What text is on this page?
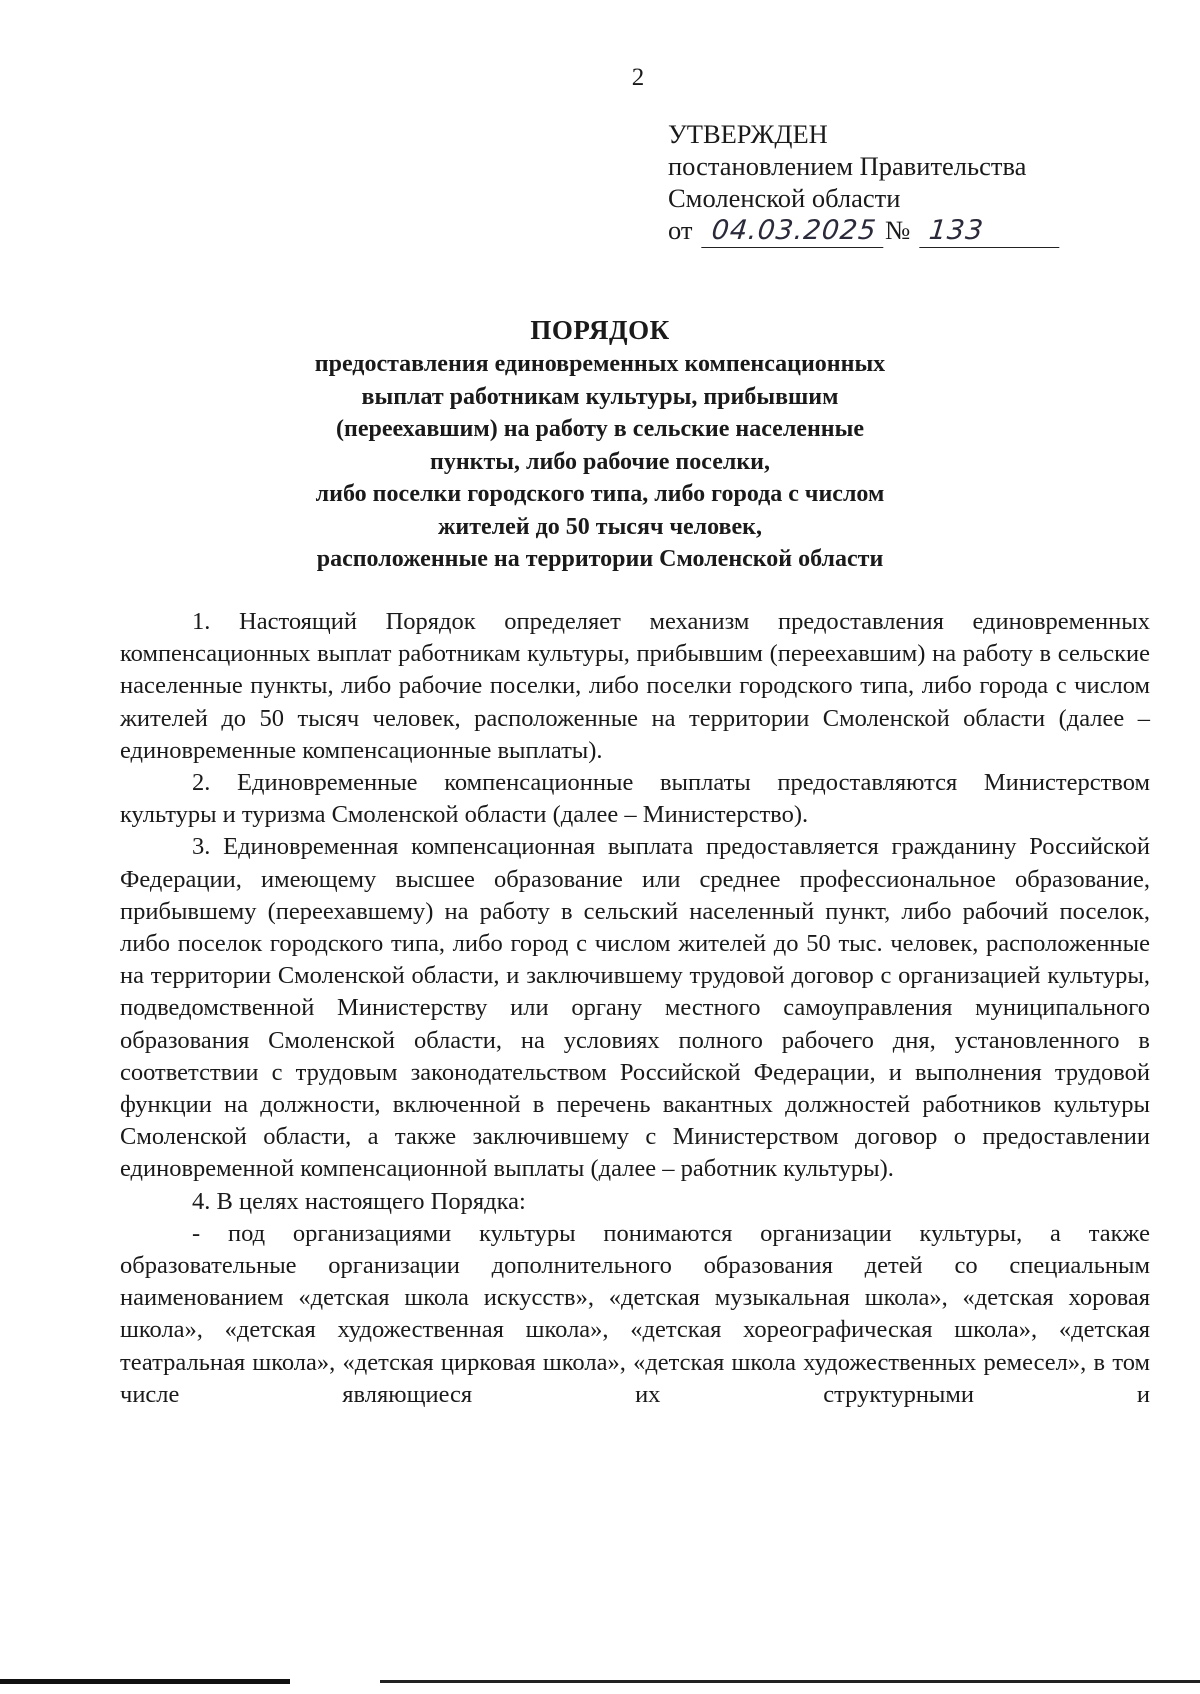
2
УТВЕРЖДЕН
постановлением Правительства
Смоленской области
от 04.03.2025 № 133
ПОРЯДОК
предоставления единовременных компенсационных
выплат работникам культуры, прибывшим
(переехавшим) на работу в сельские населенные
пункты, либо рабочие поселки,
либо поселки городского типа, либо города с числом
жителей до 50 тысяч человек,
расположенные на территории Смоленской области

1. Настоящий Порядок определяет механизм предоставления единовременных компенсационных выплат работникам культуры, прибывшим (переехавшим) на работу в сельские населенные пункты, либо рабочие поселки, либо поселки городского типа, либо города с числом жителей до 50 тысяч человек, расположенные на территории Смоленской области (далее – единовременные компенсационные выплаты).

2. Единовременные компенсационные выплаты предоставляются Министерством культуры и туризма Смоленской области (далее – Министерство).

3. Единовременная компенсационная выплата предоставляется гражданину Российской Федерации, имеющему высшее образование или среднее профессиональное образование, прибывшему (переехавшему) на работу в сельский населенный пункт, либо рабочий поселок, либо поселок городского типа, либо город с числом жителей до 50 тыс. человек, расположенные на территории Смоленской области, и заключившему трудовой договор с организацией культуры, подведомственной Министерству или органу местного самоуправления муниципального образования Смоленской области, на условиях полного рабочего дня, установленного в соответствии с трудовым законодательством Российской Федерации, и выполнения трудовой функции на должности, включенной в перечень вакантных должностей работников культуры Смоленской области, а также заключившему с Министерством договор о предоставлении единовременной компенсационной выплаты (далее – работник культуры).

4. В целях настоящего Порядка:

- под организациями культуры понимаются организации культуры, а также образовательные организации дополнительного образования детей со специальным наименованием «детская школа искусств», «детская музыкальная школа», «детская хоровая школа», «детская художественная школа», «детская хореографическая школа», «детская театральная школа», «детская цирковая школа», «детская школа художественных ремесел», в том числе являющиеся их структурными и
